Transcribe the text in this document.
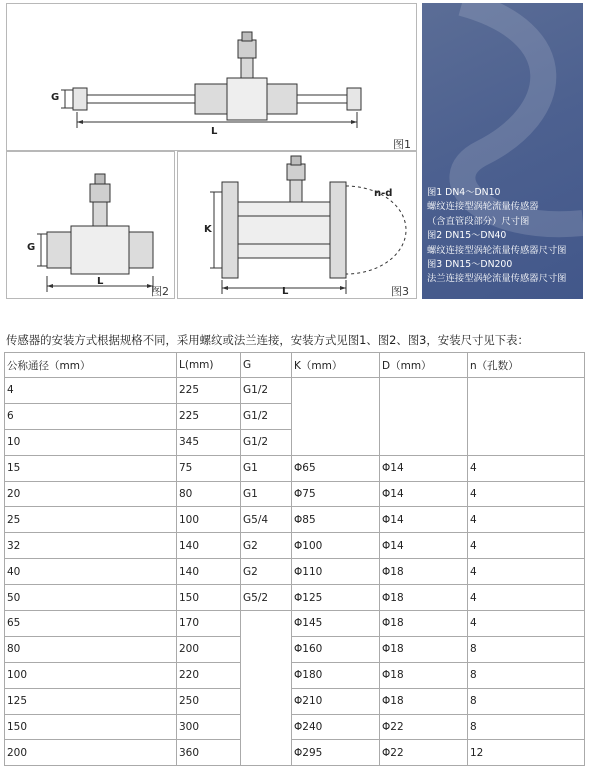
G
L
图1
G
L
图2
K
L
n-d
图3
图1 DN4～DN10
螺纹连接型涡轮流量传感器
（含直管段部分）尺寸图
图2 DN15～DN40
螺纹连接型涡轮流量传感器尺寸图
图3 DN15～DN200
法兰连接型涡轮流量传感器尺寸图
传感器的安装方式根据规格不同，采用螺纹或法兰连接，安装方式见图1、图2、图3，安装尺寸见下表：
公称通径（mm）	L(mm)	G	K（mm）	D（mm）	n（孔数）
4	225	G1/2			
6	225	G1/2			
10	345	G1/2			
15	75	G1	Φ65	Φ14	4
20	80	G1	Φ75	Φ14	4
25	100	G5/4	Φ85	Φ14	4
32	140	G2	Φ100	Φ14	4
40	140	G2	Φ110	Φ18	4
50	150	G5/2	Φ125	Φ18	4
65	170		Φ145	Φ18	4
80	200		Φ160	Φ18	8
100	220		Φ180	Φ18	8
125	250		Φ210	Φ18	8
150	300		Φ240	Φ22	8
200	360		Φ295	Φ22	12
